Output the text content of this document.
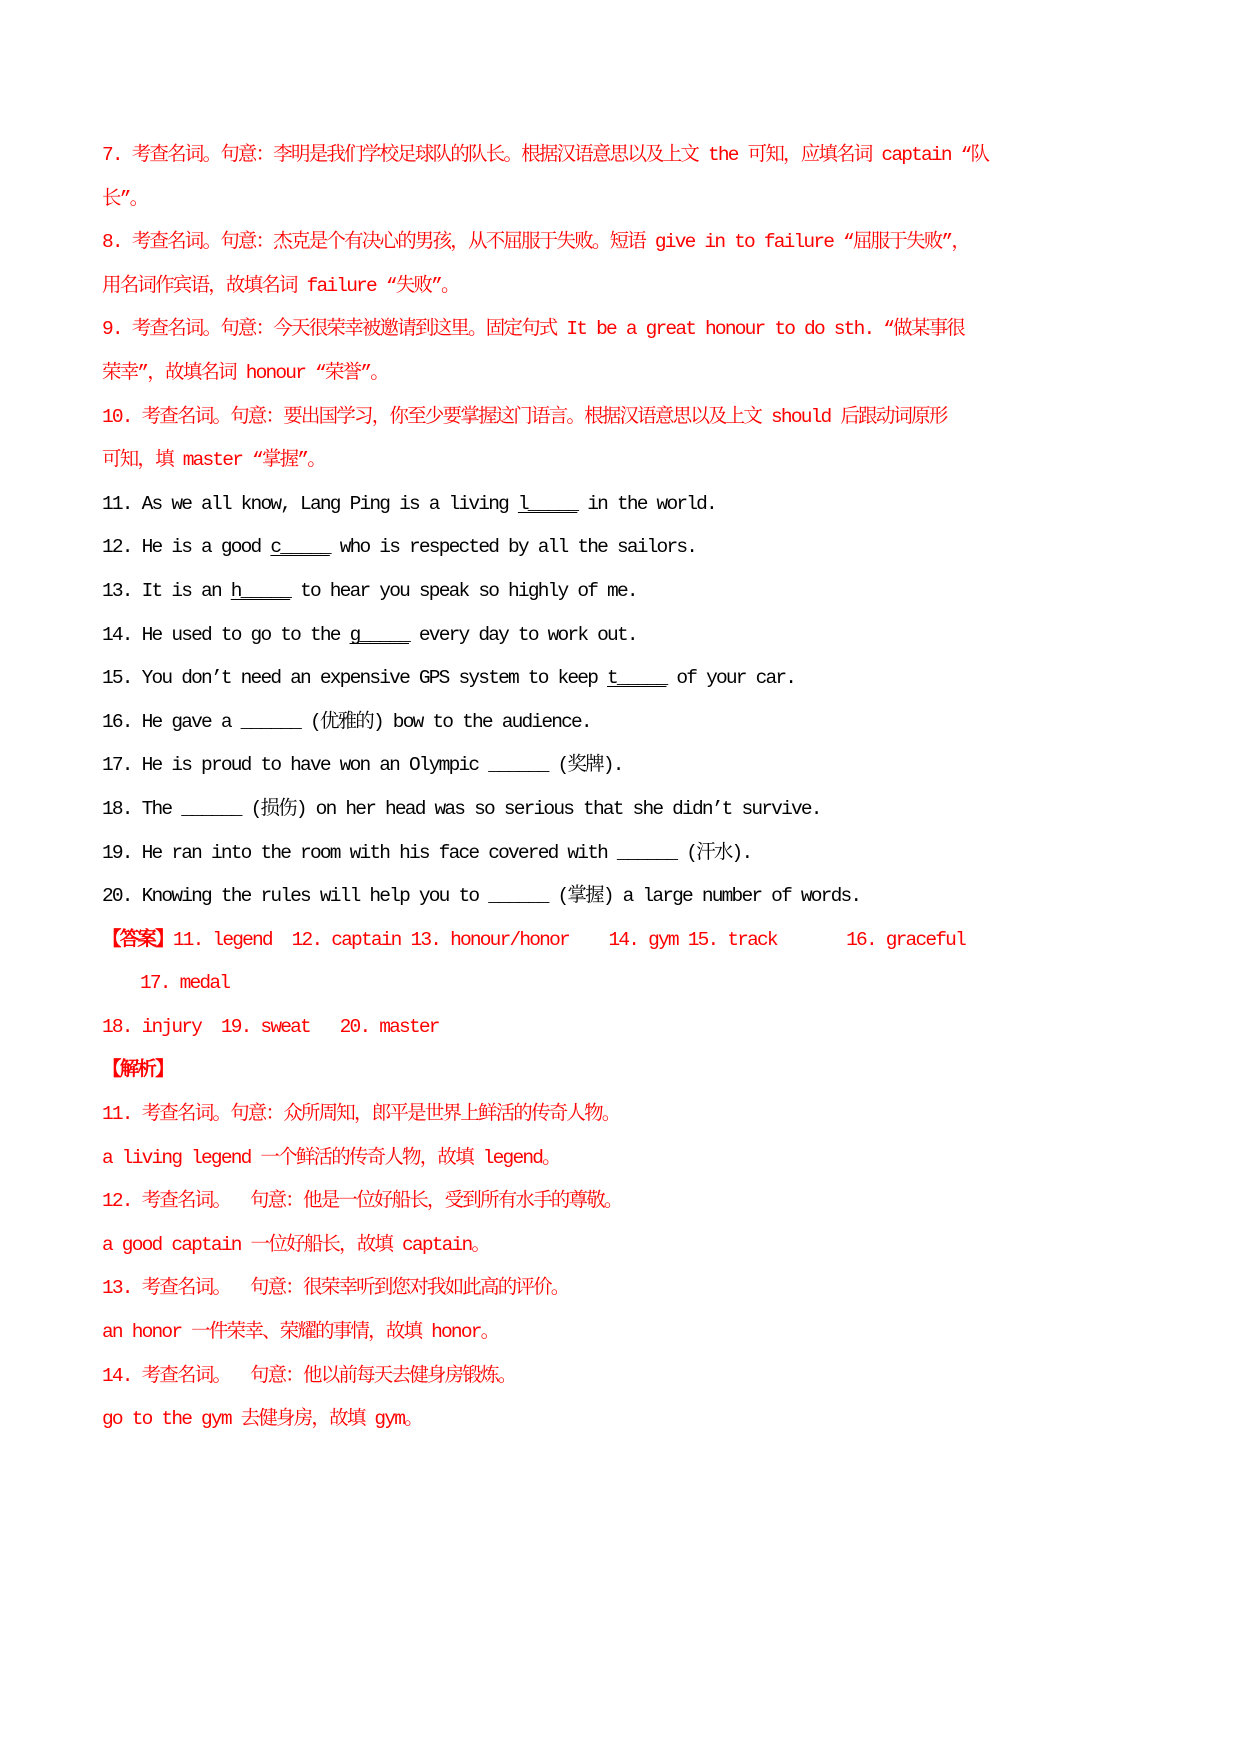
7. 考查名词。句意：李明是我们学校足球队的队长。根据汉语意思以及上文 the 可知，应填名词 captain “队
长”。
8. 考查名词。句意：杰克是个有决心的男孩，从不屈服于失败。短语 give in to failure “屈服于失败”，
用名词作宾语，故填名词 failure “失败”。
9. 考查名词。句意：今天很荣幸被邀请到这里。固定句式 It be a great honour to do sth. “做某事很
荣幸”，故填名词 honour “荣誉”。
10. 考查名词。句意：要出国学习，你至少要掌握这门语言。根据汉语意思以及上文 should 后跟动词原形
可知，填 master “掌握”。
11. As we all know, Lang Ping is a living l_____ in the world.
12. He is a good c_____ who is respected by all the sailors.
13. It is an h_____ to hear you speak so highly of me.
14. He used to go to the g_____ every day to work out.
15. You don’t need an expensive GPS system to keep t_____ of your car.
16. He gave a ______ (优雅的) bow to the audience.
17. He is proud to have won an Olympic ______ (奖牌).
18. The ______ (损伤) on her head was so serious that she didn’t survive.
19. He ran into the room with his face covered with ______ (汗水).
20. Knowing the rules will help you to ______ (掌握) a large number of words.
【答案】11. legend  12. captain 13. honour/honor    14. gym 15. track       16. graceful
17. medal
18. injury  19. sweat   20. master
【解析】
11. 考查名词。句意：众所周知，郎平是世界上鲜活的传奇人物。
a living legend 一个鲜活的传奇人物，故填 legend。
12. 考查名词。  句意：他是一位好船长，受到所有水手的尊敬。
a good captain 一位好船长，故填 captain。
13. 考查名词。  句意：很荣幸听到您对我如此高的评价。
an honor 一件荣幸、荣耀的事情，故填 honor。
14. 考查名词。  句意：他以前每天去健身房锻炼。
go to the gym 去健身房，故填 gym。
